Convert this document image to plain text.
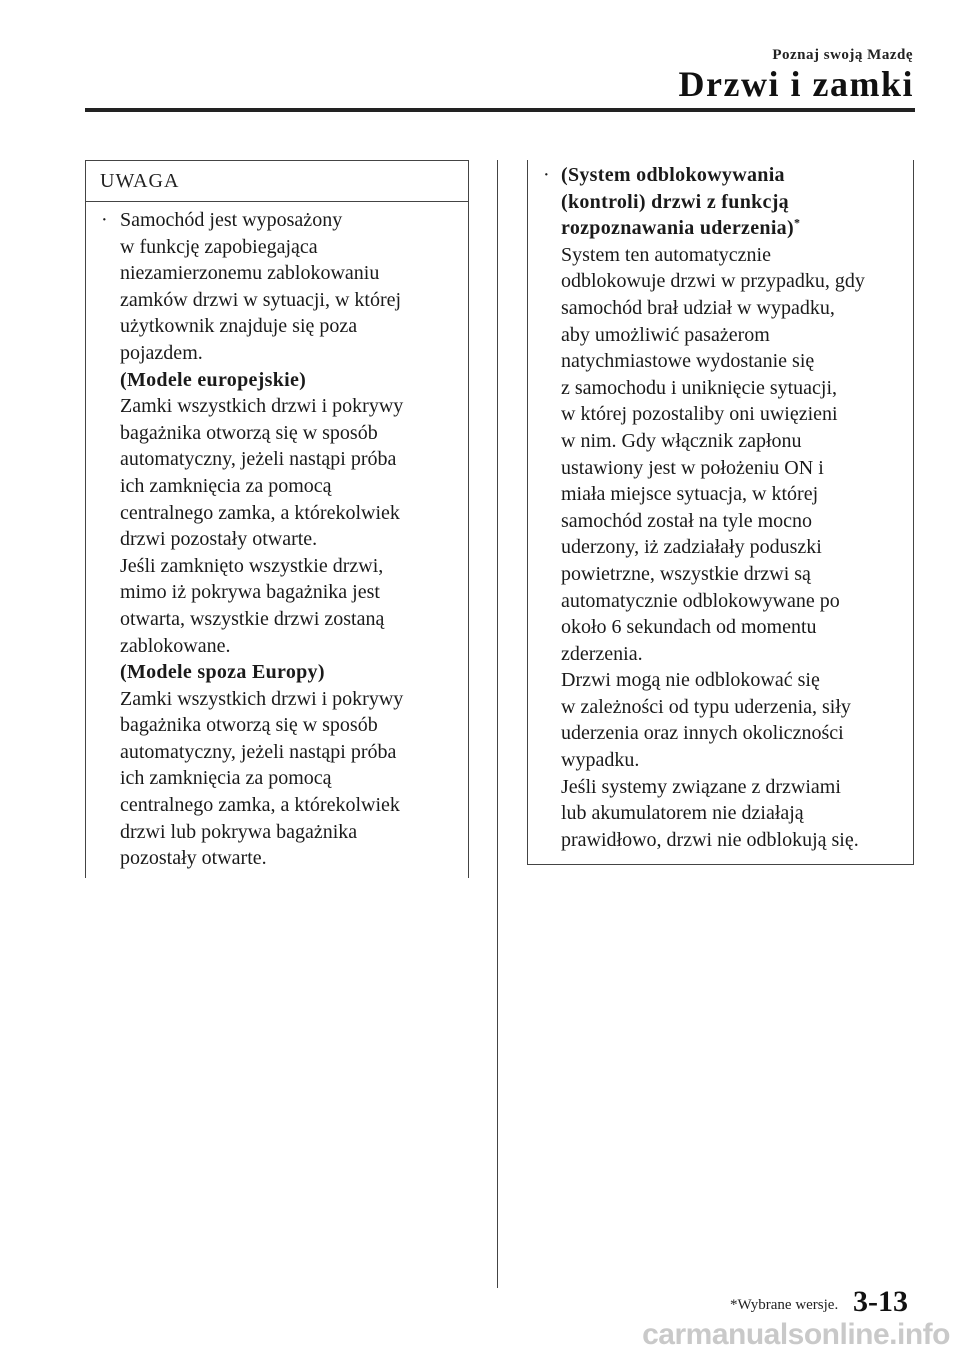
Poznaj swoją Mazdę
Drzwi i zamki
UWAGA
· Samochód jest wyposażony
w funkcję zapobiegająca
niezamierzonemu zablokowaniu
zamków drzwi w sytuacji, w której
użytkownik znajduje się poza
pojazdem.
(Modele europejskie)
Zamki wszystkich drzwi i pokrywy
bagażnika otworzą się w sposób
automatyczny, jeżeli nastąpi próba
ich zamknięcia za pomocą
centralnego zamka, a którekolwiek
drzwi pozostały otwarte.
Jeśli zamknięto wszystkie drzwi,
mimo iż pokrywa bagażnika jest
otwarta, wszystkie drzwi zostaną
zablokowane.
(Modele spoza Europy)
Zamki wszystkich drzwi i pokrywy
bagażnika otworzą się w sposób
automatyczny, jeżeli nastąpi próba
ich zamknięcia za pomocą
centralnego zamka, a którekolwiek
drzwi lub pokrywa bagażnika
pozostały otwarte.
· (System odblokowywania
(kontroli) drzwi z funkcją
rozpoznawania uderzenia)*
System ten automatycznie
odblokowuje drzwi w przypadku, gdy
samochód brał udział w wypadku,
aby umożliwić pasażerom
natychmiastowe wydostanie się
z samochodu i uniknięcie sytuacji,
w której pozostaliby oni uwięzieni
w nim. Gdy włącznik zapłonu
ustawiony jest w położeniu ON i
miała miejsce sytuacja, w której
samochód został na tyle mocno
uderzony, iż zadziałały poduszki
powietrzne, wszystkie drzwi są
automatycznie odblokowywane po
około 6 sekundach od momentu
zderzenia.
Drzwi mogą nie odblokować się
w zależności od typu uderzenia, siły
uderzenia oraz innych okoliczności
wypadku.
Jeśli systemy związane z drzwiami
lub akumulatorem nie działają
prawidłowo, drzwi nie odblokują się.
*Wybrane wersje. 3-13
carmanualsonline.info
